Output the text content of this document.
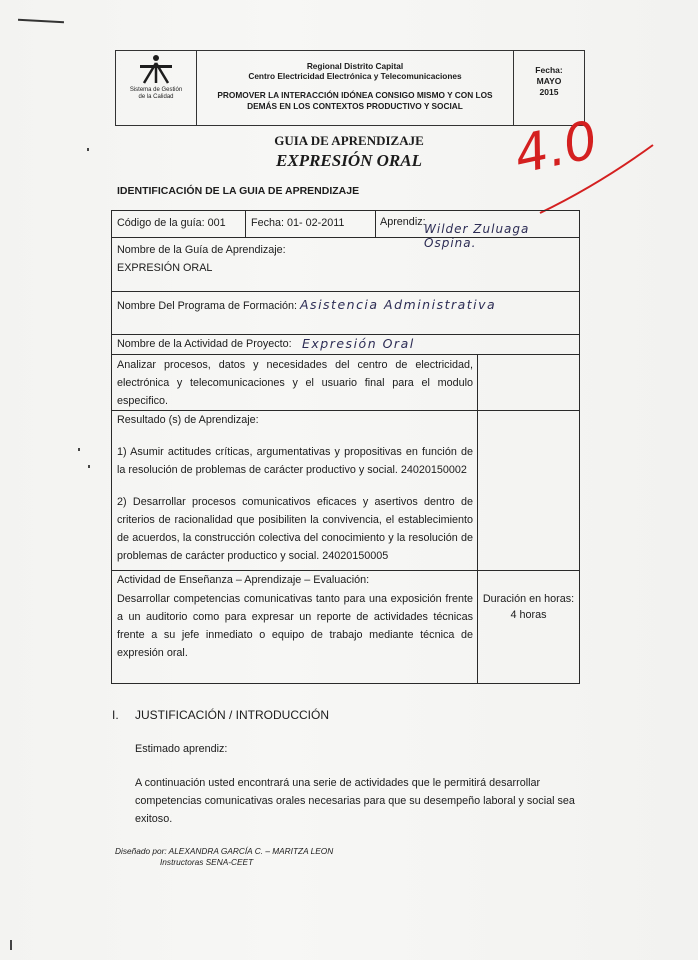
Sistema de Gestión
de la Calidad
Regional Distrito Capital
Centro Electricidad Electrónica y Telecomunicaciones
PROMOVER LA INTERACCIÓN IDÓNEA CONSIGO MISMO Y CON LOS
DEMÁS EN LOS CONTEXTOS PRODUCTIVO Y SOCIAL
Fecha:
MAYO
2015
GUIA DE APRENDIZAJE
EXPRESIÓN ORAL	4.0
IDENTIFICACIÓN DE LA GUIA DE APRENDIZAJE
Código de la guía: 001 Fecha: 01- 02-2011	Aprendiz:
Wilder Zuluaga Ospina.
Nombre de la Guía de Aprendizaje:
EXPRESIÓN ORAL
Nombre Del Programa de Formación: Asistencia Administrativa
Nombre de la Actividad de Proyecto: Expresión Oral
Analizar procesos, datos y necesidades del centro de electricidad, electrónica y telecomunicaciones y el usuario final para el modulo especifico.
Resultado (s) de Aprendizaje:
1) Asumir actitudes críticas, argumentativas y propositivas en función de la resolución de problemas de carácter productivo y social. 24020150002
2) Desarrollar procesos comunicativos eficaces y asertivos dentro de criterios de racionalidad que posibiliten la convivencia, el establecimiento de acuerdos, la construcción colectiva del conocimiento y la resolución de problemas de carácter productico y social. 24020150005
Actividad de Enseñanza – Aprendizaje – Evaluación:
Desarrollar competencias comunicativas tanto para una exposición frente a un auditorio como para expresar un reporte de actividades técnicas frente a su jefe inmediato o equipo de trabajo mediante técnica de expresión oral.
Duración en horas:
4 horas
I. JUSTIFICACIÓN / INTRODUCCIÓN
Estimado aprendiz:
A continuación usted encontrará una serie de actividades que le permitirá desarrollar competencias comunicativas orales necesarias para que su desempeño laboral y social sea exitoso.
Diseñado por: ALEXANDRA GARCÍA C. – MARITZA LEON
Instructoras SENA-CEET
